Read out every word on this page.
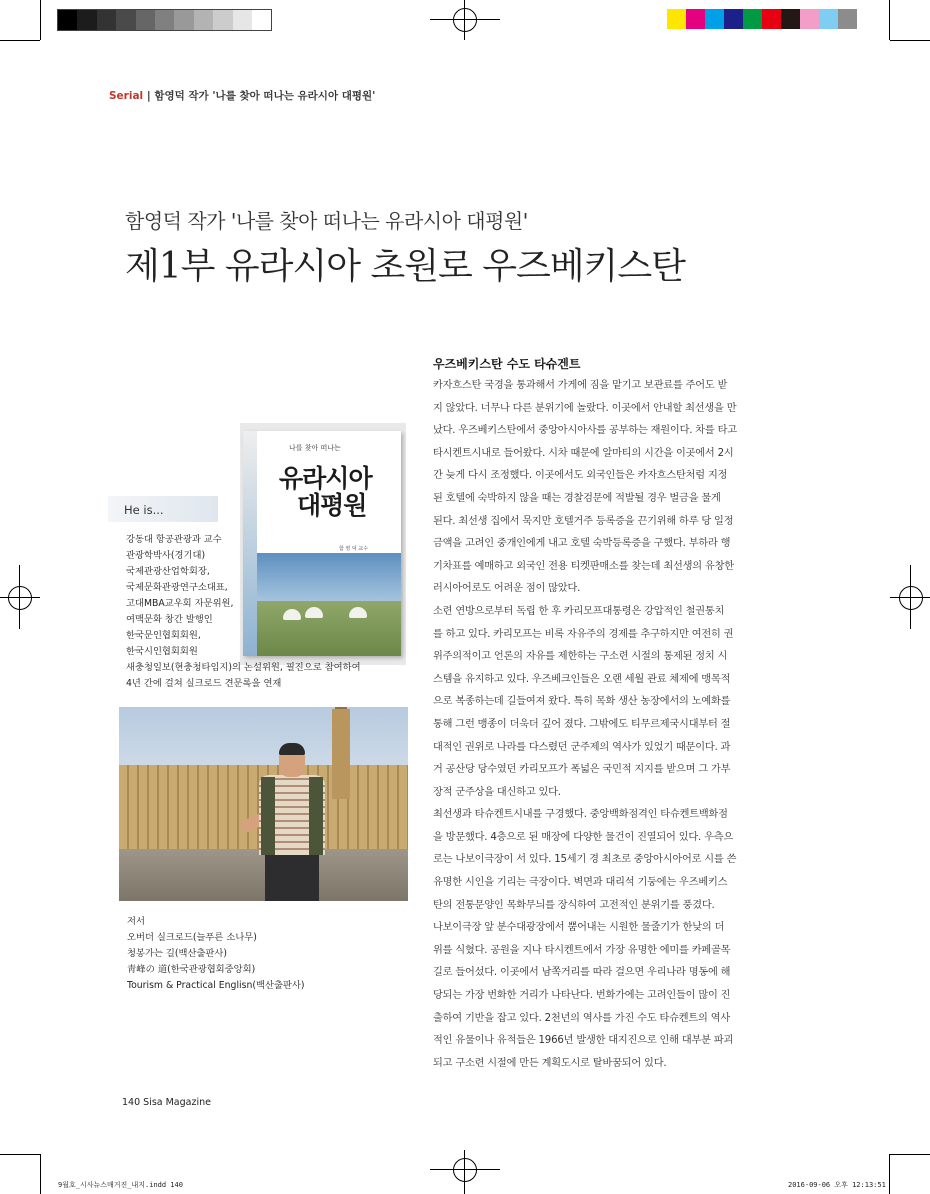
Serial | 함영덕 작가 '나를 찾아 떠나는 유라시아 대평원'
함영덕 작가 '나를 찾아 떠나는 유라시아 대평원'
제1부 유라시아 초원로 우즈베키스탄
나를 찾아 떠나는
유라시아
대평원
함 영 덕 교수
He is...
강동대 항공관광과 교수
관광학박사(경기대)
국제관광산업학회장,
국제문화관광연구소대표,
고대MBA교우회 자문위원,
여맥문화 창간 발행인
한국문인협회회원,
한국시인협회회원
새충청일보(현충청타임지)의 논설위원, 필진으로 참여하여
4년 간에 걸쳐 실크로드 견문록을 연재
저서
오버더 실크로드(늘푸른 소나무)
청봉가는 길(백산출판사)
靑峰の 道(한국관광협회중앙회)
Tourism & Practical Englisn(백산출판사)
우즈베키스탄 수도 타슈겐트
카자흐스탄 국경을 통과해서 가게에 짐을 맡기고 보관료를 주어도 받
지 않았다. 너무나 다른 분위기에 놀랐다. 이곳에서 안내할 최선생을 만
났다. 우즈베키스탄에서 중앙아시아사를 공부하는 재원이다. 차를 타고
타시켄트시내로 들어왔다. 시차 때문에 알마티의 시간을 이곳에서 2시
간 늦게 다시 조정했다. 이곳에서도 외국인들은 카자흐스탄처럼 지정
된 호텔에 숙박하지 않을 때는 경찰검문에 적발될 경우 벌금을 물게
된다. 최선생 집에서 묵지만 호텔거주 등록증을 끈기위해 하루 당 일정
금액을 고려인 중개인에게 내고 호텔 숙박등록증을 구했다. 부하라 행
기차표를 예매하고 외국인 전용 티켓판매소를 찾는데 최선생의 유창한
러시아어로도 어려운 점이 많았다.
소련 연방으로부터 독립 한 후 카리모프대통령은 강압적인 철권통치
를 하고 있다. 카리모프는 비록 자유주의 경제를 추구하지만 여전히 권
위주의적이고 언론의 자유를 제한하는 구소련 시절의 통제된 정치 시
스템을 유지하고 있다. 우즈베크인들은 오랜 세월 관료 체제에 맹목적
으로 복종하는데 길들여져 왔다. 특히 목화 생산 농장에서의 노예화를
통해 그런 맹종이 더욱더 깊어 졌다. 그밖에도 티무르제국시대부터 절
대적인 권위로 나라를 다스렸던 군주제의 역사가 있었기 때문이다. 과
거 공산당 당수였던 카리모프가 폭넓은 국민적 지지를 받으며 그 가부
장적 군주상을 대신하고 있다.
최선생과 타슈켄트시내를 구경했다. 중앙백화점격인 타슈켄트백화점
을 방문했다. 4층으로 된 매장에 다양한 물건이 진열되어 있다. 우측으
로는 나보이극장이 서 있다. 15세기 경 최초로 중앙아시아어로 시를 쓴
유명한 시인을 기리는 극장이다. 벽면과 대리석 기둥에는 우즈베키스
탄의 전통문양인 목화무늬를 장식하여 고전적인 분위기를 풍겼다.
나보이극장 앞 분수대광장에서 뿜어내는 시원한 물줄기가 한낮의 더
위를 식혔다. 공원을 지나 타시켄트에서 가장 유명한 에미를 카페골목
길로 들어섰다. 이곳에서 남쪽거리를 따라 걸으면 우리나라 명동에 해
당되는 가장 번화한 거리가 나타난다. 번화가에는 고려인들이 많이 진
출하여 기반을 잡고 있다. 2천년의 역사를 가진 수도 타슈켄트의 역사
적인 유물이나 유적들은 1966년 발생한 대지진으로 인해 대부분 파괴
되고 구소련 시절에 만든 계획도시로 탈바꿈되어 있다.
140 Sisa Magazine
9월호_시사뉴스매거진_내지.indd 140	2016-09-06 오후 12:13:51
